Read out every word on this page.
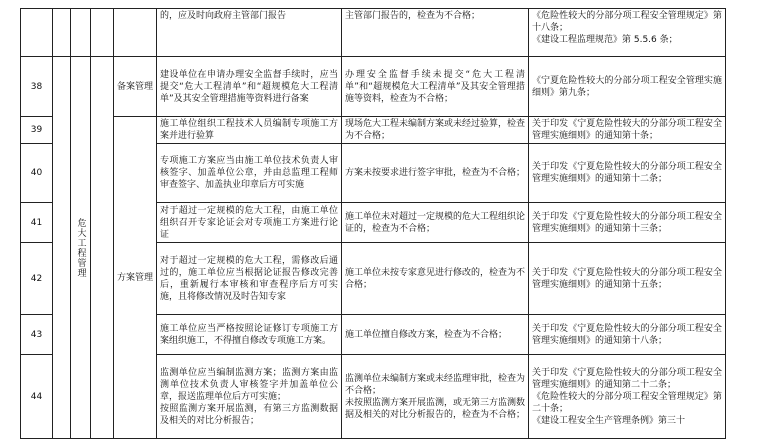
					的，应及时向政府主管部门报告	主管部门报告的，检查为不合格；	《危险性较大的分部分项工程安全管理规定》第十八条；
《建设工程监理规范》第 5.5.6 条；
38		危大工程管理		备案管理	建设单位在申请办理安全监督手续时，应当提交“危大工程清单”和“超规模危大工程清单”及其安全管理措施等资料进行备案	办理安全监督手续未提交“危大工程清单”和“超规模危大工程清单”及其安全管理措施等资料，检查为不合格；	《宁夏危险性较大的分部分项工程安全管理实施细则》第九条；
39				方案管理	施工单位组织工程技术人员编制专项施工方案并进行验算	现场危大工程未编制方案或未经过验算，检查为不合格；	关于印发《宁夏危险性较大的分部分项工程安全管理实施细则》的通知第十条；
40					专项施工方案应当由施工单位技术负责人审核签字、加盖单位公章，并由总监理工程师审查签字、加盖执业印章后方可实施	方案未按要求进行签字审批，检查为不合格；	关于印发《宁夏危险性较大的分部分项工程安全管理实施细则》的通知第十二条；
41					对于超过一定规模的危大工程，由施工单位组织召开专家论证会对专项施工方案进行论证	施工单位未对超过一定规模的危大工程组织论证的，检查为不合格；	关于印发《宁夏危险性较大的分部分项工程安全管理实施细则》的通知第十三条；
42					对于超过一定规模的危大工程，需修改后通过的，施工单位应当根据论证报告修改完善后，重新履行本审核和审查程序后方可实施，且将修改情况及时告知专家	施工单位未按专家意见进行修改的，检查为不合格；	关于印发《宁夏危险性较大的分部分项工程安全管理实施细则》的通知第十五条；
43					施工单位应当严格按照论证修订专项施工方案组织施工，不得擅自修改专项施工方案。	施工单位擅自修改方案，检查为不合格；	关于印发《宁夏危险性较大的分部分项工程安全管理实施细则》的通知第十八条；
44					监测单位应当编制监测方案；监测方案由监测单位技术负责人审核签字并加盖单位公章，报送监理单位后方可实施；
按照监测方案开展监测，有第三方监测数据及相关的对比分析报告；	监测单位未编制方案或未经监理审批，检查为不合格；
未按照监测方案开展监测，或无第三方监测数据及相关的对比分析报告的，检查为不合格；	关于印发《宁夏危险性较大的分部分项工程安全管理实施细则》的通知第二十二条；
《危险性较大的分部分项工程安全管理规定》第二十条；
《建设工程安全生产管理条例》第三十
